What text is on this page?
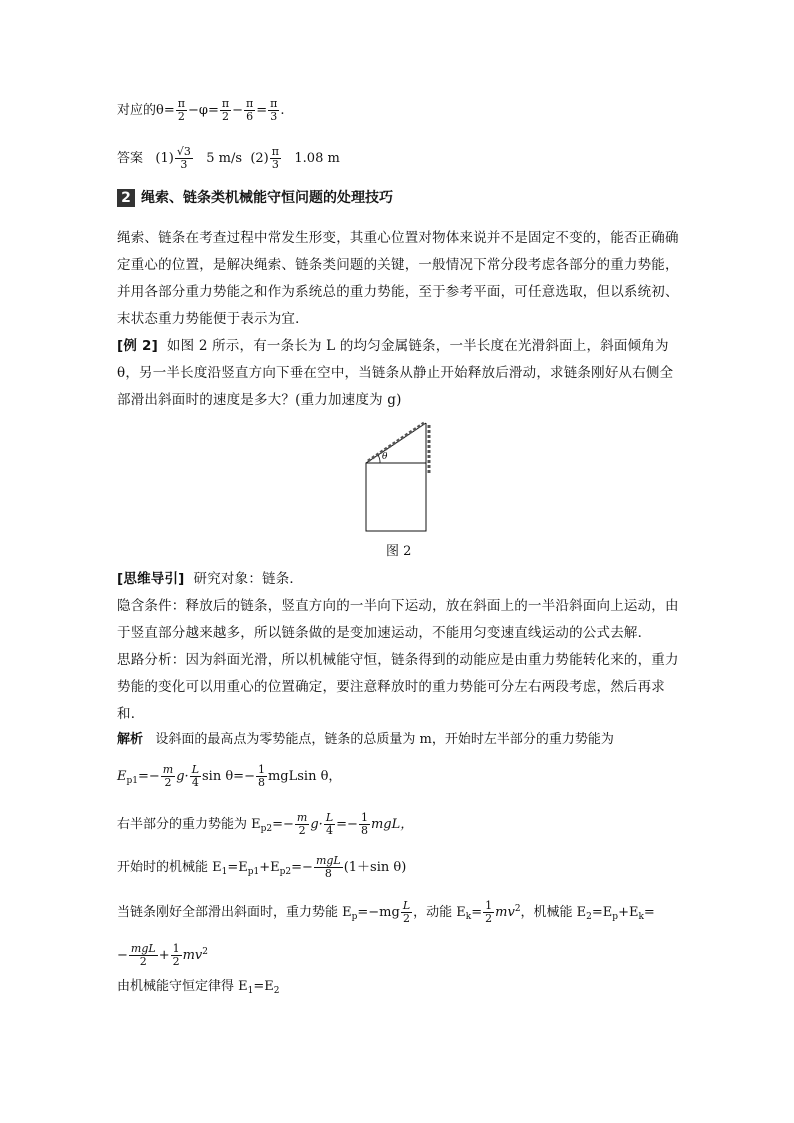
对应的$\theta= \frac{\pi}{2} -\varphi= \frac{\pi}{2} - \frac{\pi}{6} = \frac{\pi}{3}$ .
答案 $(1) \frac{√3}{3} 5$ m/s $(2) \frac{\pi}{3} 1.08$ m
2 绳索、链条类机械能守恒问题的处理技巧
绳索、链条在考查过程中常发生形变，其重心位置对物体来说并不是固定不变的，能否正确确定重心的位置，是解决绳索、链条类问题的关键，一般情况下常分段考虑各部分的重力势能，并用各部分重力势能之和作为系统总的重力势能，至于参考平面，可任意选取，但以系统初、末状态重力势能便于表示为宜．
[例 2] 如图 2 所示，有一条长为 L 的均匀金属链条，一半长度在光滑斜面上，斜面倾角为 θ，另一半长度沿竖直方向下垂在空中，当链条从静止开始释放后滑动，求链条刚好从右侧全部滑出斜面时的速度是多大？(重力加速度为 g)
θ
图 2
[思维导引] 研究对象：链条．
隐含条件：释放后的链条，竖直方向的一半向下运动，放在斜面上的一半沿斜面向上运动，由于竖直部分越来越多，所以链条做的是变加速运动，不能用匀变速直线运动的公式去解．
思路分析：因为斜面光滑，所以机械能守恒，链条得到的动能应是由重力势能转化来的，重力势能的变化可以用重心的位置确定，要注意释放时的重力势能可分左右两段考虑，然后再求和．
解析 设斜面的最高点为零势能点，链条的总质量为 m，开始时左半部分的重力势能为
$E_{p1}=- \frac{m}{2} g\cdot \frac{L}{4}$ $\sin \theta=- \frac{1}{8}$ mgLsin θ，
右半部分的重力势能为 $E_{p2}=- \frac{m}{2} g\cdot \frac{L}{4} =- \frac{1}{8}$ mgL，
开始时的机械能 $E_1=E_{p1}+E_{p2}=- \frac{\text{mgL}}{8} (1+\sin$ θ)
当链条刚好全部滑出斜面时，重力势能 $E_p=-mg \frac{L}{2}$ ，动能 $E_k= \frac{1}{2} mv^2$，机械能 $E_2=E_p+E_k=$
− $\frac{\text{mgL}}{2} + \frac{1}{2} mv^2$
由机械能守恒定律得 $E_1=E_2$
